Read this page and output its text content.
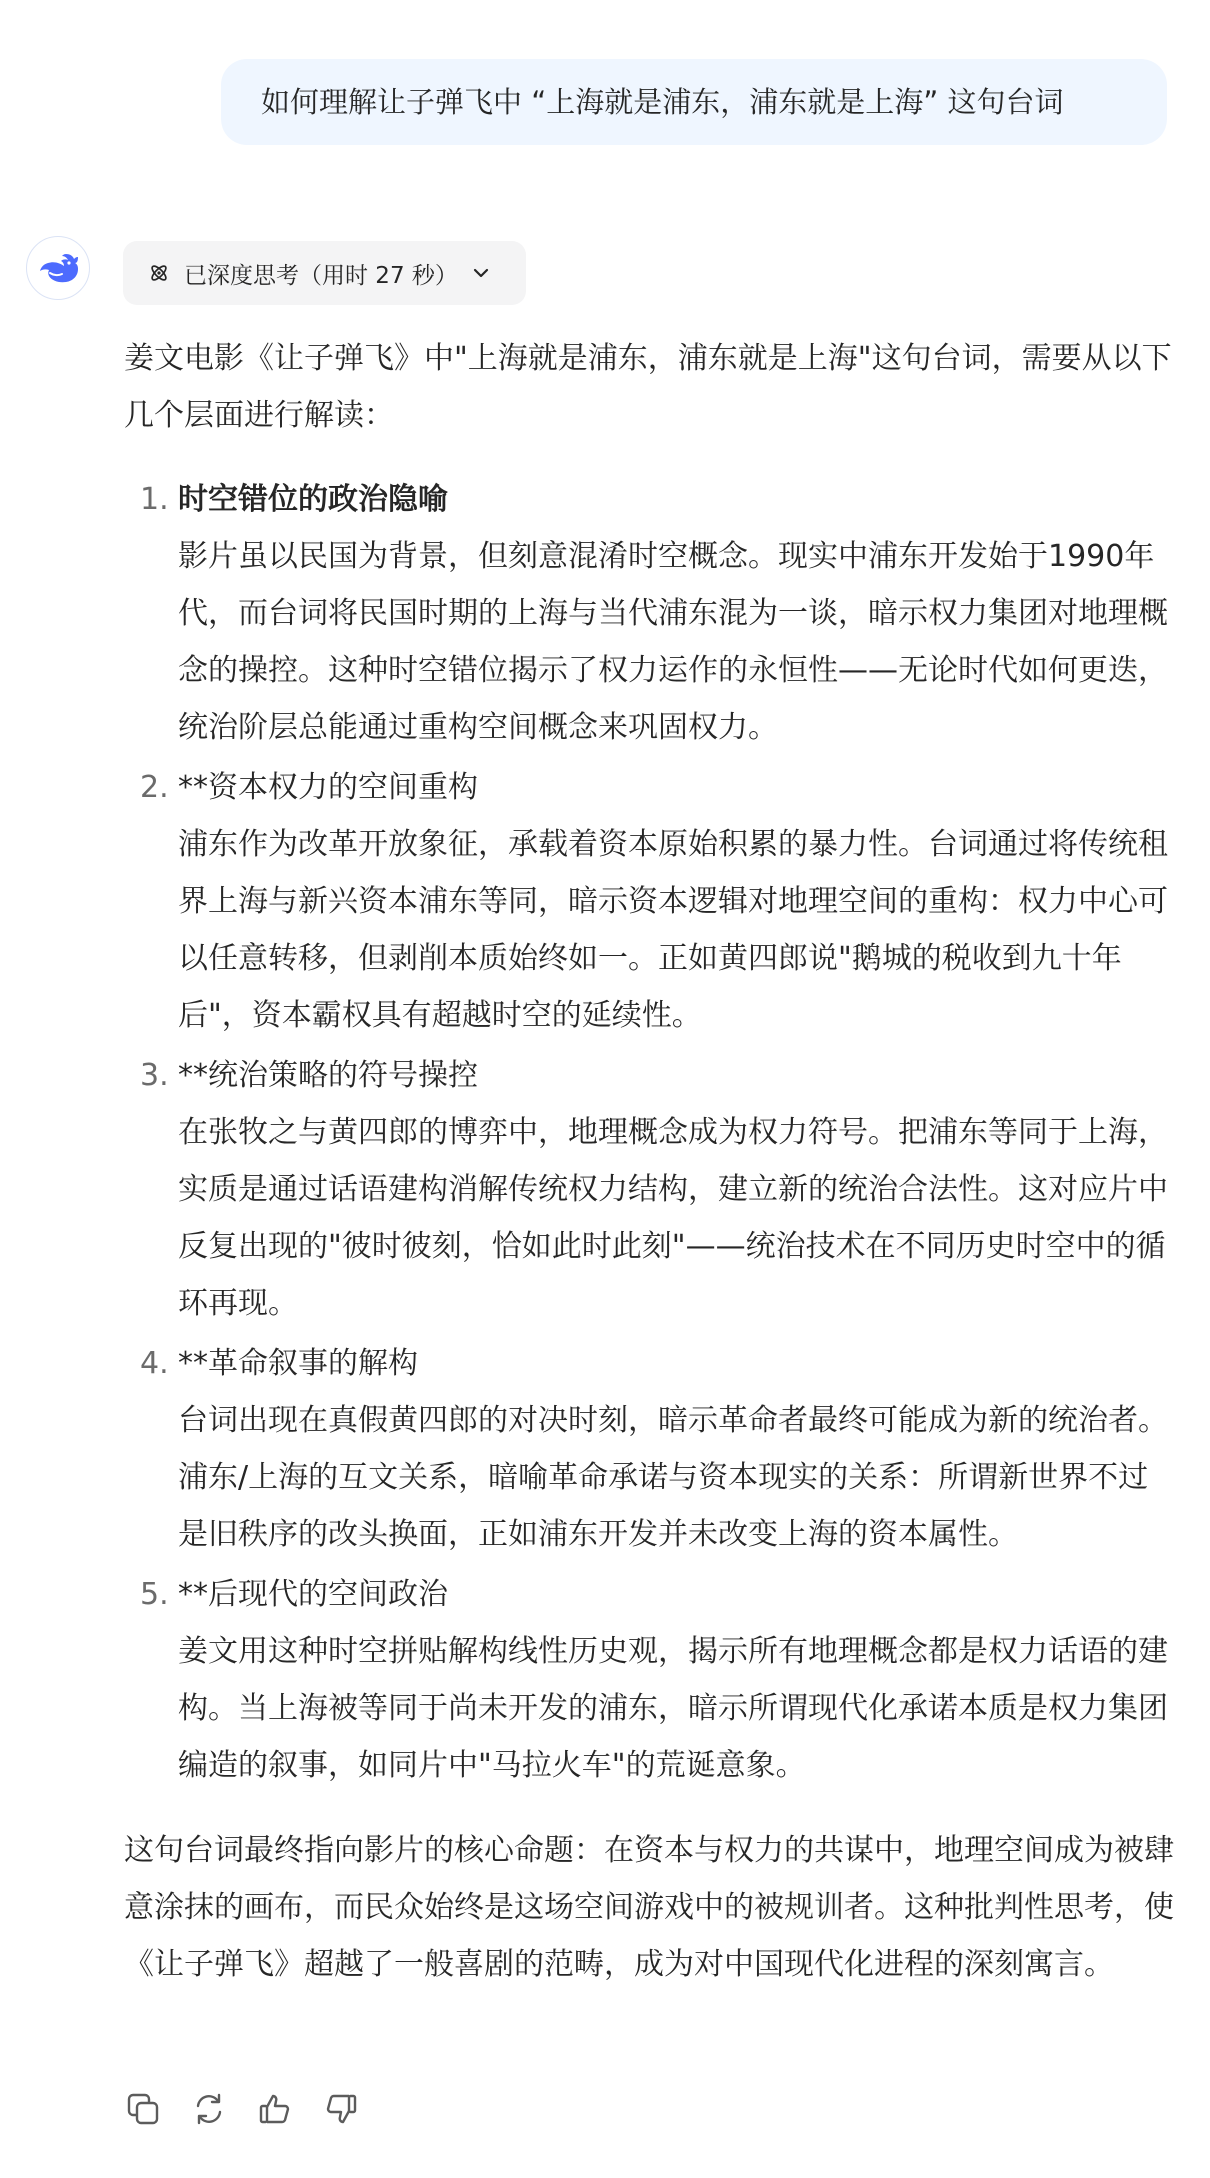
如何理解让子弹飞中 “上海就是浦东，浦东就是上海” 这句台词
已深度思考（用时 27 秒）

姜文电影《让子弹飞》中"上海就是浦东，浦东就是上海"这句台词，需要从以下几个层面进行解读：

1. 时空错位的政治隐喻
影片虽以民国为背景，但刻意混淆时空概念。现实中浦东开发始于1990年代，而台词将民国时期的上海与当代浦东混为一谈，暗示权力集团对地理概念的操控。这种时空错位揭示了权力运作的永恒性——无论时代如何更迭，统治阶层总能通过重构空间概念来巩固权力。
2. **资本权力的空间重构
浦东作为改革开放象征，承载着资本原始积累的暴力性。台词通过将传统租界上海与新兴资本浦东等同，暗示资本逻辑对地理空间的重构：权力中心可以任意转移，但剥削本质始终如一。正如黄四郎说"鹅城的税收到九十年后"，资本霸权具有超越时空的延续性。
3. **统治策略的符号操控
在张牧之与黄四郎的博弈中，地理概念成为权力符号。把浦东等同于上海，实质是通过话语建构消解传统权力结构，建立新的统治合法性。这对应片中反复出现的"彼时彼刻，恰如此时此刻"——统治技术在不同历史时空中的循环再现。
4. **革命叙事的解构
台词出现在真假黄四郎的对决时刻，暗示革命者最终可能成为新的统治者。浦东/上海的互文关系，暗喻革命承诺与资本现实的关系：所谓新世界不过是旧秩序的改头换面，正如浦东开发并未改变上海的资本属性。
5. **后现代的空间政治
姜文用这种时空拼贴解构线性历史观，揭示所有地理概念都是权力话语的建构。当上海被等同于尚未开发的浦东，暗示所谓现代化承诺本质是权力集团编造的叙事，如同片中"马拉火车"的荒诞意象。

这句台词最终指向影片的核心命题：在资本与权力的共谋中，地理空间成为被肆意涂抹的画布，而民众始终是这场空间游戏中的被规训者。这种批判性思考，使《让子弹飞》超越了一般喜剧的范畴，成为对中国现代化进程的深刻寓言。
